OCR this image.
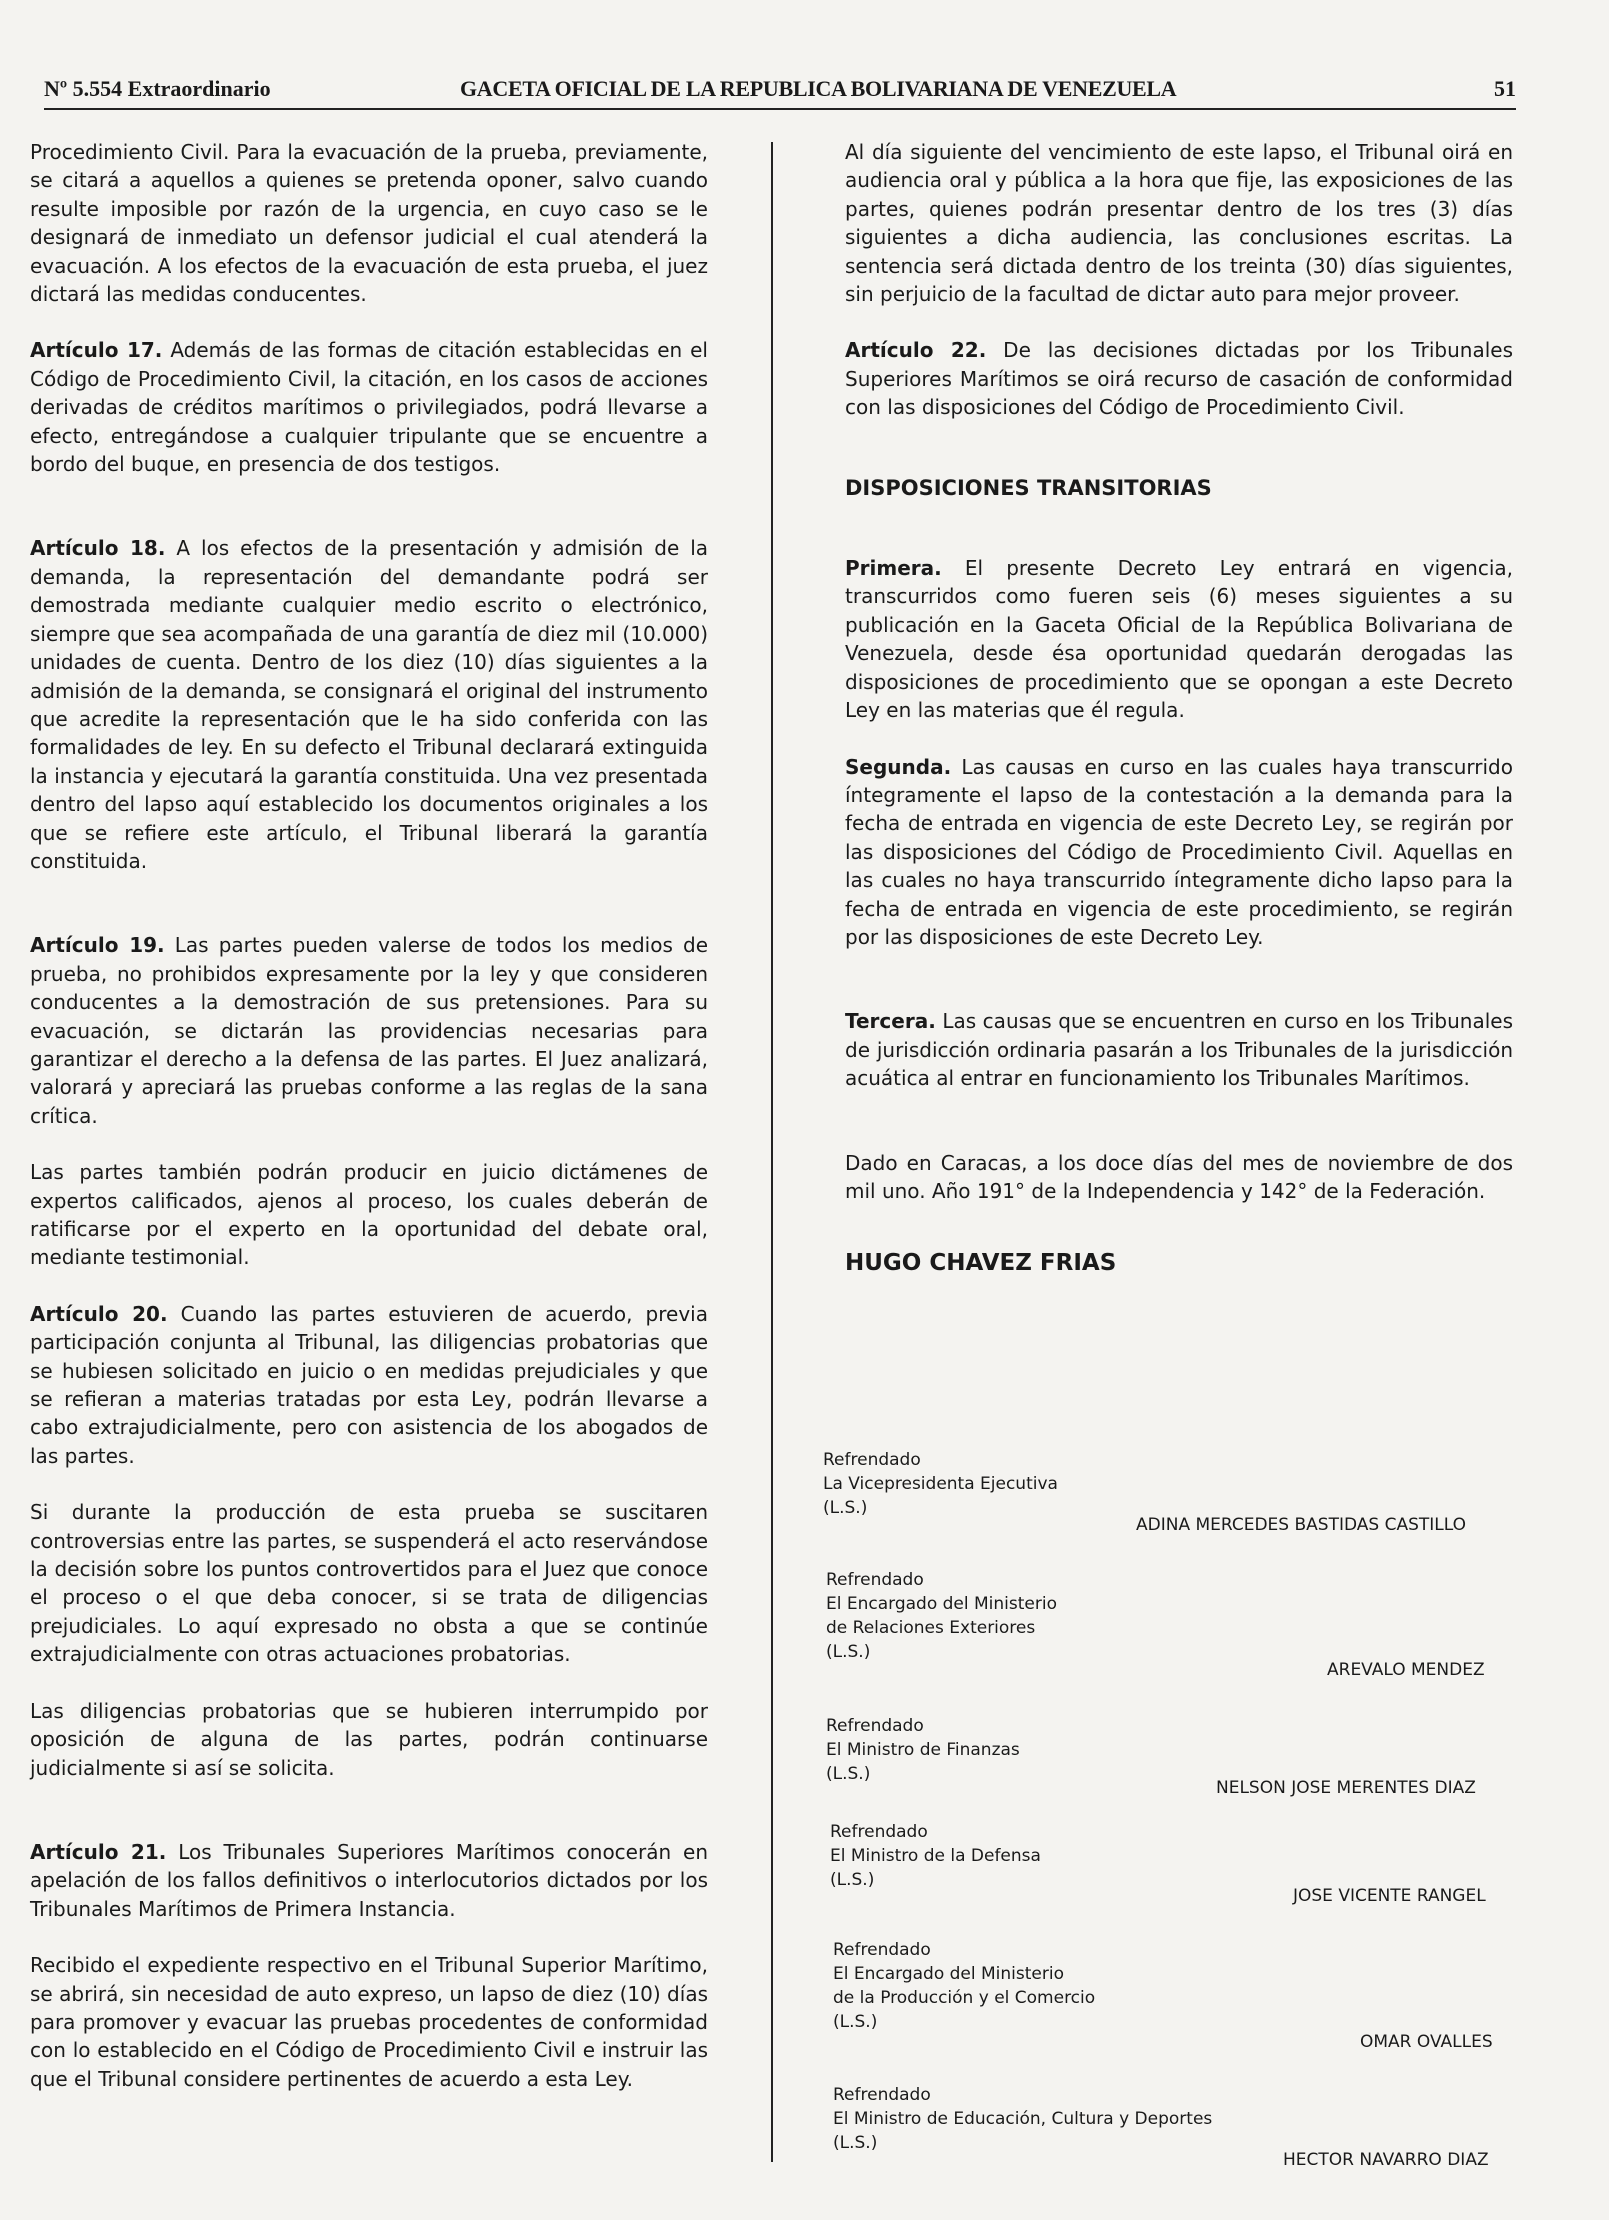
Nº 5.554 Extraordinario	GACETA OFICIAL DE LA REPUBLICA BOLIVARIANA DE VENEZUELA	51

Procedimiento Civil. Para la evacuación de la prueba, previamente, se citará a aquellos a quienes se pretenda oponer, salvo cuando resulte imposible por razón de la urgencia, en cuyo caso se le designará de inmediato un defensor judicial el cual atenderá la evacuación. A los efectos de la evacuación de esta prueba, el juez dictará las medidas conducentes.

Artículo 17. Además de las formas de citación establecidas en el Código de Procedimiento Civil, la citación, en los casos de acciones derivadas de créditos marítimos o privilegiados, podrá llevarse a efecto, entregándose a cualquier tripulante que se encuentre a bordo del buque, en presencia de dos testigos.

Artículo 18. A los efectos de la presentación y admisión de la demanda, la representación del demandante podrá ser demostrada mediante cualquier medio escrito o electrónico, siempre que sea acompañada de una garantía de diez mil (10.000) unidades de cuenta. Dentro de los diez (10) días siguientes a la admisión de la demanda, se consignará el original del instrumento que acredite la representación que le ha sido conferida con las formalidades de ley. En su defecto el Tribunal declarará extinguida la instancia y ejecutará la garantía constituida. Una vez presentada dentro del lapso aquí establecido los documentos originales a los que se refiere este artículo, el Tribunal liberará la garantía constituida.

Artículo 19. Las partes pueden valerse de todos los medios de prueba, no prohibidos expresamente por la ley y que consideren conducentes a la demostración de sus pretensiones. Para su evacuación, se dictarán las providencias necesarias para garantizar el derecho a la defensa de las partes. El Juez analizará, valorará y apreciará las pruebas conforme a las reglas de la sana crítica.

Las partes también podrán producir en juicio dictámenes de expertos calificados, ajenos al proceso, los cuales deberán de ratificarse por el experto en la oportunidad del debate oral, mediante testimonial.

Artículo 20. Cuando las partes estuvieren de acuerdo, previa participación conjunta al Tribunal, las diligencias probatorias que se hubiesen solicitado en juicio o en medidas prejudiciales y que se refieran a materias tratadas por esta Ley, podrán llevarse a cabo extrajudicialmente, pero con asistencia de los abogados de las partes.

Si durante la producción de esta prueba se suscitaren controversias entre las partes, se suspenderá el acto reservándose la decisión sobre los puntos controvertidos para el Juez que conoce el proceso o el que deba conocer, si se trata de diligencias prejudiciales. Lo aquí expresado no obsta a que se continúe extrajudicialmente con otras actuaciones probatorias.

Las diligencias probatorias que se hubieren interrumpido por oposición de alguna de las partes, podrán continuarse judicialmente si así se solicita.

Artículo 21. Los Tribunales Superiores Marítimos conocerán en apelación de los fallos definitivos o interlocutorios dictados por los Tribunales Marítimos de Primera Instancia.

Recibido el expediente respectivo en el Tribunal Superior Marítimo, se abrirá, sin necesidad de auto expreso, un lapso de diez (10) días para promover y evacuar las pruebas procedentes de conformidad con lo establecido en el Código de Procedimiento Civil e instruir las que el Tribunal considere pertinentes de acuerdo a esta Ley.

Al día siguiente del vencimiento de este lapso, el Tribunal oirá en audiencia oral y pública a la hora que fije, las exposiciones de las partes, quienes podrán presentar dentro de los tres (3) días siguientes a dicha audiencia, las conclusiones escritas. La sentencia será dictada dentro de los treinta (30) días siguientes, sin perjuicio de la facultad de dictar auto para mejor proveer.

Artículo 22. De las decisiones dictadas por los Tribunales Superiores Marítimos se oirá recurso de casación de conformidad con las disposiciones del Código de Procedimiento Civil.

DISPOSICIONES TRANSITORIAS

Primera. El presente Decreto Ley entrará en vigencia, transcurridos como fueren seis (6) meses siguientes a su publicación en la Gaceta Oficial de la República Bolivariana de Venezuela, desde ésa oportunidad quedarán derogadas las disposiciones de procedimiento que se opongan a este Decreto Ley en las materias que él regula.

Segunda. Las causas en curso en las cuales haya transcurrido íntegramente el lapso de la contestación a la demanda para la fecha de entrada en vigencia de este Decreto Ley, se regirán por las disposiciones del Código de Procedimiento Civil. Aquellas en las cuales no haya transcurrido íntegramente dicho lapso para la fecha de entrada en vigencia de este procedimiento, se regirán por las disposiciones de este Decreto Ley.

Tercera. Las causas que se encuentren en curso en los Tribunales de jurisdicción ordinaria pasarán a los Tribunales de la jurisdicción acuática al entrar en funcionamiento los Tribunales Marítimos.

Dado en Caracas, a los doce días del mes de noviembre de dos mil uno. Año 191° de la Independencia y 142° de la Federación.

HUGO CHAVEZ FRIAS

Refrendado
La Vicepresidenta Ejecutiva
(L.S.)
ADINA MERCEDES BASTIDAS CASTILLO
Refrendado
El Encargado del Ministerio
de Relaciones Exteriores
(L.S.)
AREVALO MENDEZ
Refrendado
El Ministro de Finanzas
(L.S.)
NELSON JOSE MERENTES DIAZ
Refrendado
El Ministro de la Defensa
(L.S.)
JOSE VICENTE RANGEL
Refrendado
El Encargado del Ministerio
de la Producción y el Comercio
(L.S.)
OMAR OVALLES
Refrendado
El Ministro de Educación, Cultura y Deportes
(L.S.)
HECTOR NAVARRO DIAZ
